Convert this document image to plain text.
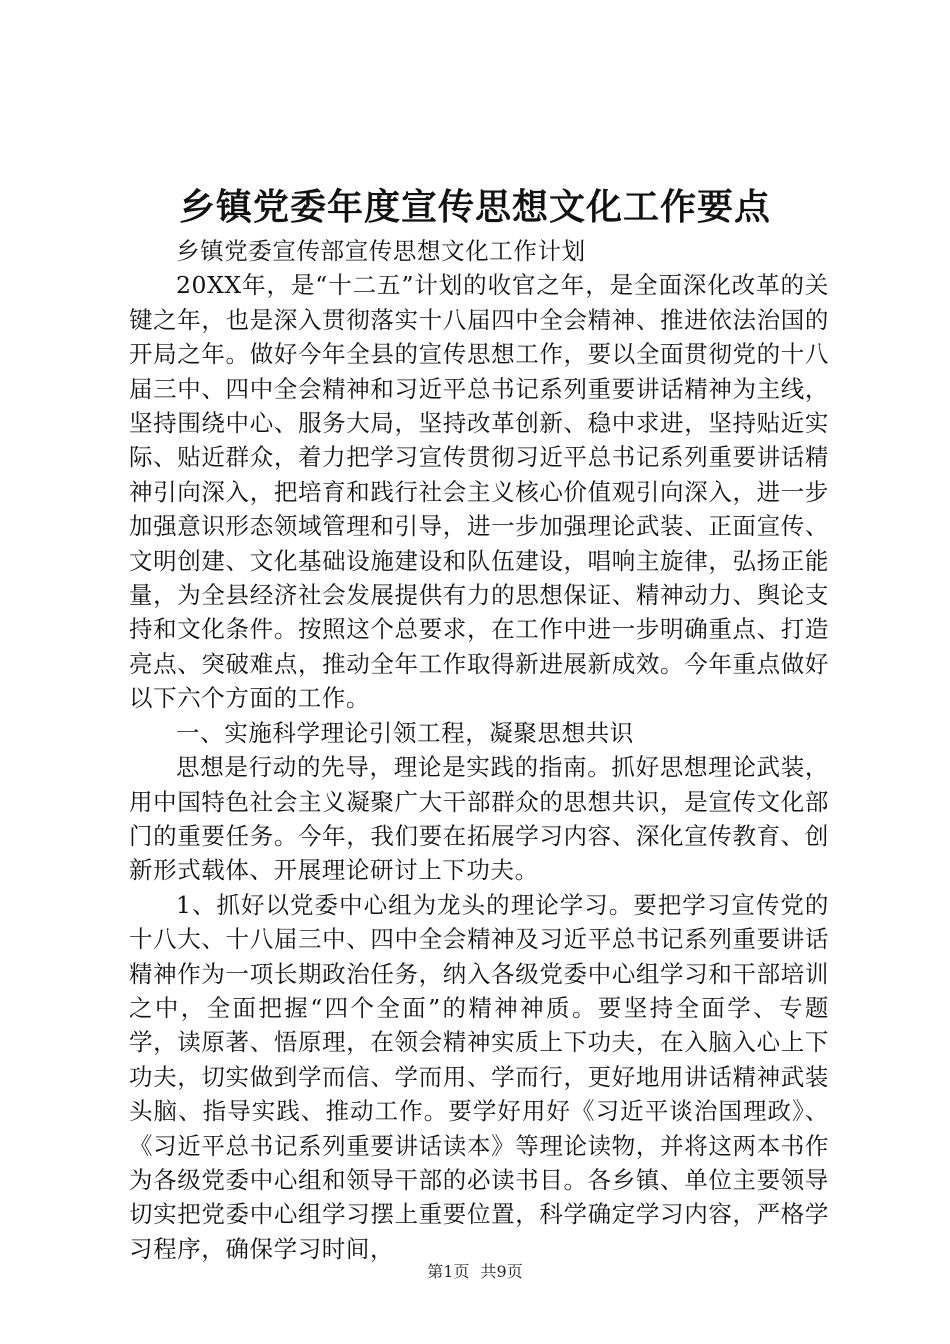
乡镇党委年度宣传思想文化工作要点

乡镇党委宣传部宣传思想文化工作计划

20XX年，是“十二五”计划的收官之年，是全面深化改革的关键之年，也是深入贯彻落实十八届四中全会精神、推进依法治国的开局之年。做好今年全县的宣传思想工作，要以全面贯彻党的十八届三中、四中全会精神和习近平总书记系列重要讲话精神为主线，坚持围绕中心、服务大局，坚持改革创新、稳中求进，坚持贴近实际、贴近群众，着力把学习宣传贯彻习近平总书记系列重要讲话精神引向深入，把培育和践行社会主义核心价值观引向深入，进一步加强意识形态领域管理和引导，进一步加强理论武装、正面宣传、文明创建、文化基础设施建设和队伍建设，唱响主旋律，弘扬正能量，为全县经济社会发展提供有力的思想保证、精神动力、舆论支持和文化条件。按照这个总要求，在工作中进一步明确重点、打造亮点、突破难点，推动全年工作取得新进展新成效。今年重点做好以下六个方面的工作。

一、实施科学理论引领工程，凝聚思想共识

思想是行动的先导，理论是实践的指南。抓好思想理论武装，用中国特色社会主义凝聚广大干部群众的思想共识，是宣传文化部门的重要任务。今年，我们要在拓展学习内容、深化宣传教育、创新形式载体、开展理论研讨上下功夫。

1、抓好以党委中心组为龙头的理论学习。要把学习宣传党的十八大、十八届三中、四中全会精神及习近平总书记系列重要讲话精神作为一项长期政治任务，纳入各级党委中心组学习和干部培训之中，全面把握“四个全面”的精神神质。要坚持全面学、专题学，读原著、悟原理，在领会精神实质上下功夫，在入脑入心上下功夫，切实做到学而信、学而用、学而行，更好地用讲话精神武装头脑、指导实践、推动工作。要学好用好《习近平谈治国理政》、《习近平总书记系列重要讲话读本》等理论读物，并将这两本书作为各级党委中心组和领导干部的必读书目。各乡镇、单位主要领导切实把党委中心组学习摆上重要位置，科学确定学习内容，严格学习程序，确保学习时间，

第1页 共9页
